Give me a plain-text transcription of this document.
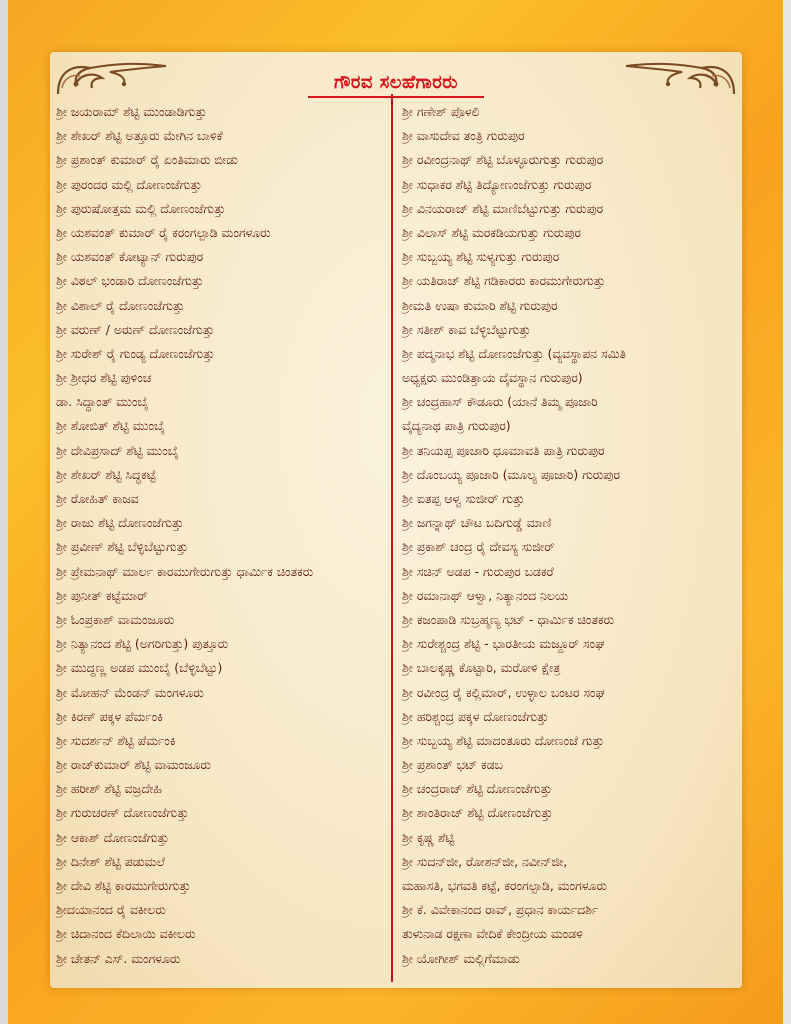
ಗೌರವ ಸಲಹೆಗಾರರು
ಶ್ರೀ ಜಯರಾಮ್ ಶೆಟ್ಟಿ ಮುಂಡಾಡಿಗುತ್ತು
ಶ್ರೀ ಶೇಖರ್ ಶೆಟ್ಟಿ ಅತ್ತೂರು ಮೇಗಿನ ಬಾಳಿಕೆ
ಶ್ರೀ ಪ್ರಶಾಂತ್ ಕುಮಾರ್ ರೈ ಏಂತಿಮಾರು ಬೀಡು
ಶ್ರೀ ಪುರಂದರ ಮಲ್ಲಿ ದೋಣಂಜೆಗುತ್ತು
ಶ್ರೀ ಪುರುಷೋತ್ತಮ ಮಲ್ಲಿ ದೋಣಂಜೆಗುತ್ತು
ಶ್ರೀ ಯಶವಂತ್ ಕುಮಾರ್ ರೈ ಕರಂಗಲ್ಪಾಡಿ ಮಂಗಳೂರು
ಶ್ರೀ ಯಶವಂತ್ ಕೋಟ್ಯಾನ್ ಗುರುಪುರ
ಶ್ರೀ ವಿಠಲ್ ಭಂಡಾರಿ ದೋಣಂಜೆಗುತ್ತು
ಶ್ರೀ ವಿಶಾಲ್ ರೈ ದೋಣಂಜೆಗುತ್ತು
ಶ್ರೀ ವರುಣ್ / ಅರುಣ್ ದೋಣಂಜೆಗುತ್ತು
ಶ್ರೀ ಸುರೇಶ್ ರೈ ಗುಂಡ್ಯ ದೋಣಂಜೆಗುತ್ತು
ಶ್ರೀ ಶ್ರೀಧರ ಶೆಟ್ಟಿ ಪುಳಿಂಚ
ಡಾ. ಸಿದ್ಧಾಂತ್ ಮುಂಬೈ
ಶ್ರೀ ಶೋಬಿತ್ ಶೆಟ್ಟಿ ಮುಂಬೈ
ಶ್ರೀ ದೇವಿಪ್ರಸಾದ್ ಶೆಟ್ಟಿ ಮುಂಬೈ
ಶ್ರೀ ಶೇಖರ್ ಶೆಟ್ಟಿ ಸಿದ್ಧಕಟ್ಟೆ
ಶ್ರೀ ರೋಹಿತ್ ಕಾಜವ
ಶ್ರೀ ರಾಜು ಶೆಟ್ಟಿ ದೋಣಂಜೆಗುತ್ತು
ಶ್ರೀ ಪ್ರವೀಣ್ ಶೆಟ್ಟಿ ಬೆಳ್ಳಿಬೆಟ್ಟುಗುತ್ತು
ಶ್ರೀ ಪ್ರೇಮನಾಥ್ ಮಾರ್ಲ ಕಾರಮುಗೇರುಗುತ್ತು ಧಾರ್ಮಿಕ ಚಿಂತಕರು
ಶ್ರೀ ಪುನೀತ್ ಕಟ್ಟೆಮಾರ್
ಶ್ರೀ ಓಂಪ್ರಕಾಶ್ ವಾಮಂಜೂರು
ಶ್ರೀ ನಿತ್ಯಾನಂದ ಶೆಟ್ಟಿ (ಅಗರಿಗುತ್ತು) ಪುತ್ತೂರು
ಶ್ರೀ ಮುದ್ದಣ್ಣ ಅಡಪ ಮುಂಬೈ (ಬೆಳ್ಳಿಬೆಟ್ಟು)
ಶ್ರೀ ಮೋಹನ್ ಮೆಂಡನ್ ಮಂಗಳೂರು
ಶ್ರೀ ಕಿರಣ್ ಪಕ್ಕಳ ಪೆರ್ಮಂಕಿ
ಶ್ರೀ ಸುದರ್ಶನ್ ಶೆಟ್ಟಿ ಪೆರ್ಮಂಕಿ
ಶ್ರೀ ರಾಜ್‌ಕುಮಾರ್ ಶೆಟ್ಟಿ ವಾಮಂಜೂರು
ಶ್ರೀ ಹರೀಶ್ ಶೆಟ್ಟಿ ವಜ್ರದೇಹಿ
ಶ್ರೀ ಗುರುಚರಣ್ ದೋಣಂಜೆಗುತ್ತು
ಶ್ರೀ ಆಕಾಶ್ ದೋಣಂಜೆಗುತ್ತು
ಶ್ರೀ ದಿನೇಶ್ ಶೆಟ್ಟಿ ಪಡುಮಲೆ
ಶ್ರೀ ದೇವಿ ಶೆಟ್ಟಿ ಕಾರಮುಗೇರುಗುತ್ತು
ಶ್ರೀದಯಾನಂದ ರೈ ವಕೀಲರು
ಶ್ರೀ ಚಿದಾನಂದ ಕೆದಿಲಾಯಿ ವಕೀಲರು
ಶ್ರೀ ಚೇತನ್ ಎಸ್. ಮಂಗಳೂರು
ಶ್ರೀ ಗಣೇಶ್ ಪೊಳಲಿ
ಶ್ರೀ ವಾಸುದೇವ ತಂತ್ರಿ ಗುರುಪುರ
ಶ್ರೀ ರವೀಂದ್ರನಾಥ್ ಶೆಟ್ಟಿ ಬೊಳ್ಳೂರುಗುತ್ತು ಗುರುಪುರ
ಶ್ರೀ ಸುಧಾಕರ ಶೆಟ್ಟಿ ತಿದ್ಯೋಣಂಜೆಗುತ್ತು ಗುರುಪುರ
ಶ್ರೀ ವಿನಯರಾಜ್ ಶೆಟ್ಟಿ ಮಾಣಿಬೆಟ್ಟುಗುತ್ತು ಗುರುಪುರ
ಶ್ರೀ ವಿಲಾಸ್ ಶೆಟ್ಟಿ ಮರಕಡಿಯಗುತ್ತು ಗುರುಪುರ
ಶ್ರೀ ಸುಬ್ಬಯ್ಯ ಶೆಟ್ಟಿ ಸುಳ್ಯಗುತ್ತು ಗುರುಪುರ
ಶ್ರೀ ಯತಿರಾಜ್ ಶೆಟ್ಟಿ ಗಡಿಕಾರರು ಕಾರಮುಗೇರುಗುತ್ತು
ಶ್ರೀಮತಿ ಉಷಾ ಕುಮಾರಿ ಶೆಟ್ಟಿ ಗುರುಪುರ
ಶ್ರೀ ಸತೀಶ್ ಕಾವ ಬೆಳ್ಳಿಬೆಟ್ಟುಗುತ್ತು
ಶ್ರೀ ಪದ್ಮನಾಭ ಶೆಟ್ಟಿ ದೋಣಂಜೆಗುತ್ತು (ವ್ಯವಸ್ಥಾಪನ ಸಮಿತಿ
ಅಧ್ಯಕ್ಷರು ಮುಂಡಿತ್ತಾಯ ದೈವಸ್ಥಾನ ಗುರುಪುರ)
ಶ್ರೀ ಚಂದ್ರಹಾಸ್ ಕೌಡೂರು (ಯಾನೆ ತಿಮ್ಮ ಪೂಜಾರಿ
ವೈದ್ಯನಾಥ ಪಾತ್ರಿ ಗುರುಪುರ)
ಶ್ರೀ ತನಿಯಪ್ಪ ಪೂಜಾರಿ ಧೂಮಾವತಿ ಪಾತ್ರಿ ಗುರುಪುರ
ಶ್ರೀ ದೊಂಬಯ್ಯ ಪೂಜಾರಿ (ಮೂಲ್ಯ ಪೂಜಾರಿ) ಗುರುಪುರ
ಶ್ರೀ ಐತಪ್ಪ ಆಳ್ವ ಸುಜೀರ್ ಗುತ್ತು
ಶ್ರೀ ಜಗನ್ನಾಥ್ ಚೌಟ ಬದಿಗುಡ್ಡೆ ಮಾಣಿ
ಶ್ರೀ ಪ್ರಕಾಶ್ ಚಂದ್ರ ರೈ ದೇವಸ್ಯ ಸುಜೀರ್
ಶ್ರೀ ಸಚಿನ್ ಅಡಪ - ಗುರುಪುರ ಬಡಕರೆ
ಶ್ರೀ ರಮಾನಾಥ್ ಆಳ್ವಾ, ನಿತ್ಯಾನಂದ ನಿಲಯ
ಶ್ರೀ ಕಜಂಪಾಡಿ ಸುಬ್ರಹ್ಮಣ್ಯ ಭಟ್ - ಧಾರ್ಮಿಕ ಚಿಂತಕರು
ಶ್ರೀ ಸುರೇಶ್ಚಂದ್ರ ಶೆಟ್ಟಿ - ಭಾರತೀಯ ಮಜ್ದೂರ್ ಸಂಘ
ಶ್ರೀ ಬಾಲಕೃಷ್ಣ ಕೊಟ್ಟಾರಿ, ಮರೋಳಿ ಕ್ಷೇತ್ರ
ಶ್ರೀ ರವೀಂದ್ರ ರೈ ಕಲ್ಲಿಮಾರ್, ಉಳ್ಳಾಲ ಬಂಟರ ಸಂಘ
ಶ್ರೀ ಹರಿಶ್ಚಂದ್ರ ಪಕ್ಕಳ ದೋಣಂಜೆಗುತ್ತು
ಶ್ರೀ ಸುಬ್ಬಯ್ಯ ಶೆಟ್ಟಿ ಮಾದಂತೂರು ದೋಣಂಜೆ ಗುತ್ತು
ಶ್ರೀ ಪ್ರಶಾಂತ್ ಭಟ್ ಕಡಬ
ಶ್ರೀ ಚಂದ್ರರಾಜ್ ಶೆಟ್ಟಿ ದೋಣಂಜೆಗುತ್ತು
ಶ್ರೀ ಶಾಂತಿರಾಜ್ ಶೆಟ್ಟಿ ದೋಣಂಜೆಗುತ್ತು
ಶ್ರೀ ಕೃಷ್ಣ ಶೆಟ್ಟಿ
ಶ್ರೀ ಸುದನ್‌ಜೀ, ರೋಶನ್‌ಜೀ, ನವೀನ್‌ಜೀ,
ಮಹಾಸತಿ, ಭಗವತಿ ಕಟ್ಟೆ, ಕರಂಗಲ್ಪಾಡಿ, ಮಂಗಳೂರು
ಶ್ರೀ ಕೆ. ವಿವೇಕಾನಂದ ರಾವ್, ಪ್ರಧಾನ ಕಾರ್ಯದರ್ಶಿ
ತುಳುನಾಡ ರಕ್ಷಣಾ ವೇದಿಕೆ ಕೇಂದ್ರೀಯ ಮಂಡಳಿ
ಶ್ರೀ ಯೋಗೀಶ್ ಮಲ್ಲಿಗೆಮಾಡು
